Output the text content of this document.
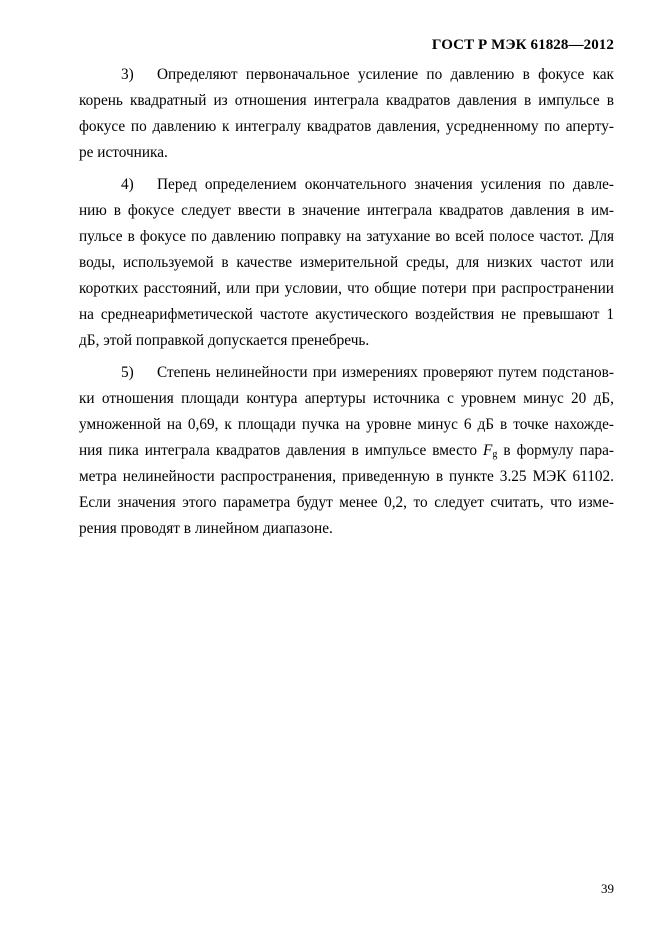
ГОСТ Р МЭК 61828—2012
3) Определяют первоначальное усиление по давлению в фокусе как
корень квадратный из отношения интеграла квадратов давления в импульсе в
фокусе по давлению к интегралу квадратов давления, усредненному по аперту-
ре источника.
4) Перед определением окончательного значения усиления по давле-
нию в фокусе следует ввести в значение интеграла квадратов давления в им-
пульсе в фокусе по давлению поправку на затухание во всей полосе частот. Для
воды, используемой в качестве измерительной среды, для низких частот или
коротких расстояний, или при условии, что общие потери при распространении
на среднеарифметической частоте акустического воздействия не превышают 1
дБ, этой поправкой допускается пренебречь.
5) Степень нелинейности при измерениях проверяют путем подстанов-
ки отношения площади контура апертуры источника с уровнем минус 20 дБ,
умноженной на 0,69, к площади пучка на уровне минус 6 дБ в точке нахожде-
ния пика интеграла квадратов давления в импульсе вместо $F_g$ в формулу пара-
метра нелинейности распространения, приведенную в пункте 3.25 МЭК 61102.
Если значения этого параметра будут менее 0,2, то следует считать, что изме-
рения проводят в линейном диапазоне.
39
